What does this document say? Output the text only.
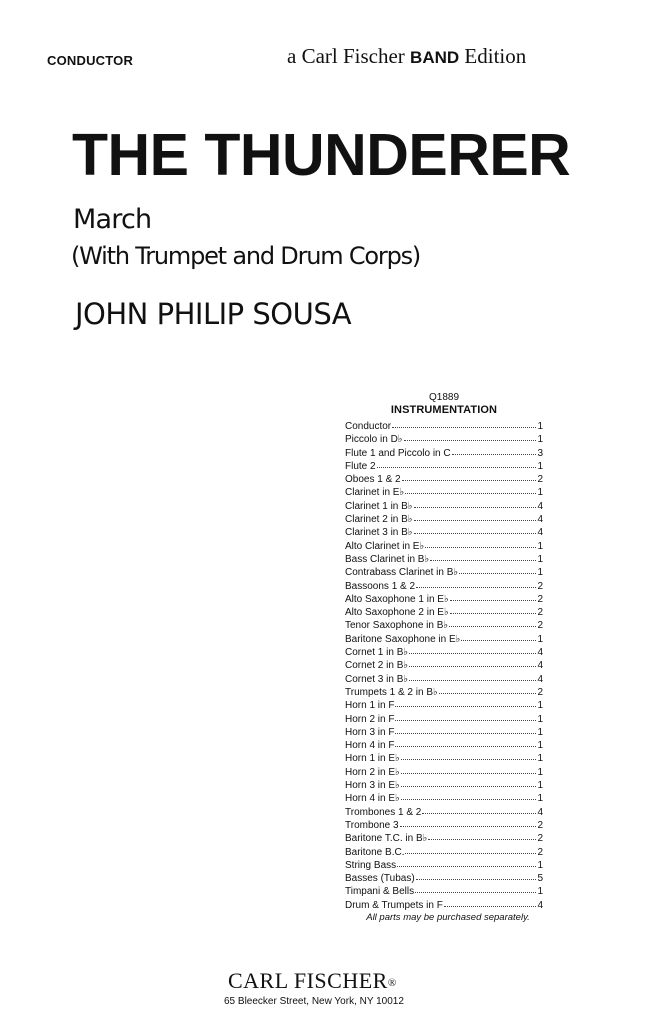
CONDUCTOR	a Carl Fischer BAND Edition
THE THUNDERER
March
(With Trumpet and Drum Corps)
JOHN PHILIP SOUSA
Q1889
INSTRUMENTATION
Conductor	1
Piccolo in D♭	1
Flute 1 and Piccolo in C	3
Flute 2	1
Oboes 1 & 2	2
Clarinet in E♭	1
Clarinet 1 in B♭	4
Clarinet 2 in B♭	4
Clarinet 3 in B♭	4
Alto Clarinet in E♭	1
Bass Clarinet in B♭	1
Contrabass Clarinet in B♭	1
Bassoons 1 & 2	2
Alto Saxophone 1 in E♭	2
Alto Saxophone 2 in E♭	2
Tenor Saxophone in B♭	2
Baritone Saxophone in E♭	1
Cornet 1 in B♭	4
Cornet 2 in B♭	4
Cornet 3 in B♭	4
Trumpets 1 & 2 in B♭	2
Horn 1 in F	1
Horn 2 in F	1
Horn 3 in F	1
Horn 4 in F	1
Horn 1 in E♭	1
Horn 2 in E♭	1
Horn 3 in E♭	1
Horn 4 in E♭	1
Trombones 1 & 2	4
Trombone 3	2
Baritone T.C. in B♭	2
Baritone B.C.	2
String Bass	1
Basses (Tubas)	5
Timpani & Bells	1
Drum & Trumpets in F	4
All parts may be purchased separately.
CARL FISCHER®
65 Bleecker Street, New York, NY 10012
